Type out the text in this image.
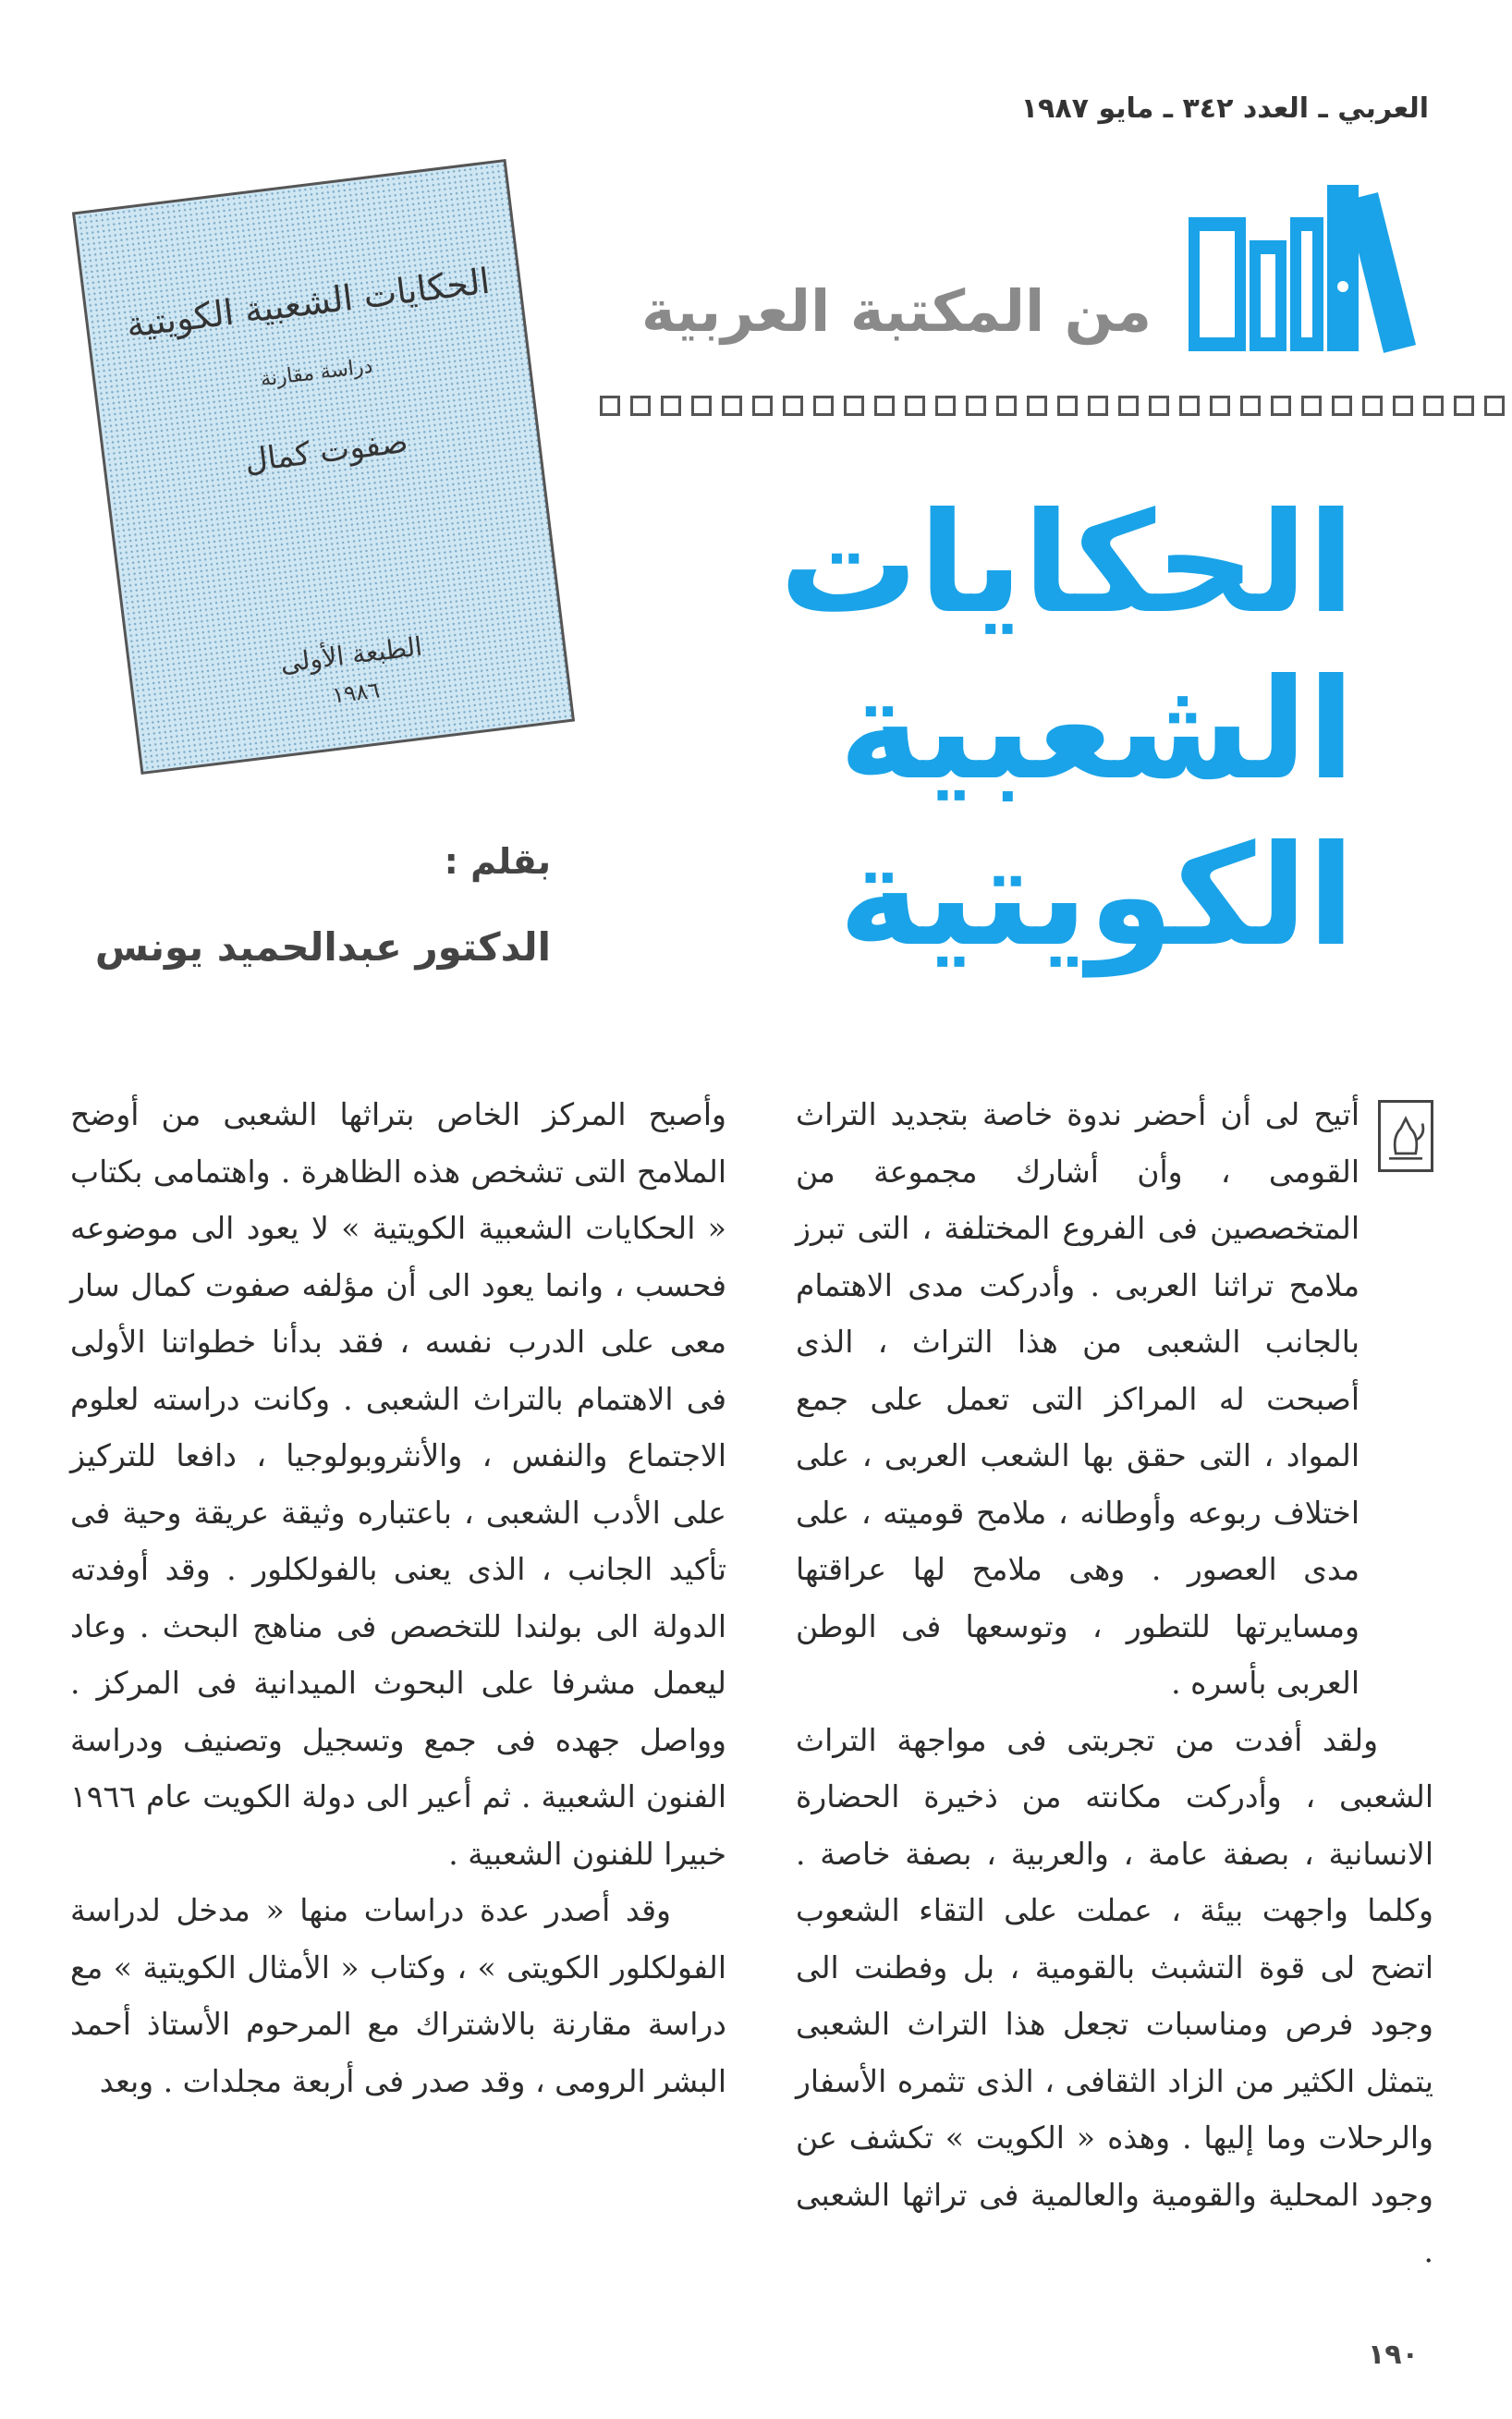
العربي ـ العدد ٣٤٢ ـ مايو ١٩٨٧
من المكتبة العربية
الحكايات
الشعبية
الكويتية
الحكايات الشعبية الكويتية
دراسة مقارنة
صفوت كمال
الطبعة الأولى
١٩٨٦
بقلم :
الدكتور عبدالحميد يونس

أتيح لى أن أحضر ندوة خاصة بتجديد التراث القومى ، وأن أشارك مجموعة من المتخصصين فى الفروع المختلفة ، التى تبرز ملامح تراثنا العربى . وأدركت مدى الاهتمام بالجانب الشعبى من هذا التراث ، الذى أصبحت له المراكز التى تعمل على جمع المواد ، التى حقق بها الشعب العربى ، على اختلاف ربوعه وأوطانه ، ملامح قوميته ، على مدى العصور . وهى ملامح لها عراقتها ومسايرتها للتطور ، وتوسعها فى الوطن العربى بأسره .

ولقد أفدت من تجربتى فى مواجهة التراث الشعبى ، وأدركت مكانته من ذخيرة الحضارة الانسانية ، بصفة عامة ، والعربية ، بصفة خاصة . وكلما واجهت بيئة ، عملت على التقاء الشعوب اتضح لى قوة التشبث بالقومية ، بل وفطنت الى وجود فرص ومناسبات تجعل هذا التراث الشعبى يتمثل الكثير من الزاد الثقافى ، الذى تثمره الأسفار والرحلات وما إليها . وهذه « الكويت » تكشف عن وجود المحلية والقومية والعالمية فى تراثها الشعبى .

وأصبح المركز الخاص بتراثها الشعبى من أوضح الملامح التى تشخص هذه الظاهرة . واهتمامى بكتاب « الحكايات الشعبية الكويتية » لا يعود الى موضوعه فحسب ، وانما يعود الى أن مؤلفه صفوت كمال سار معى على الدرب نفسه ، فقد بدأنا خطواتنا الأولى فى الاهتمام بالتراث الشعبى . وكانت دراسته لعلوم الاجتماع والنفس ، والأنثروبولوجيا ، دافعا للتركيز على الأدب الشعبى ، باعتباره وثيقة عريقة وحية فى تأكيد الجانب ، الذى يعنى بالفولكلور . وقد أوفدته الدولة الى بولندا للتخصص فى مناهج البحث . وعاد ليعمل مشرفا على البحوث الميدانية فى المركز . وواصل جهده فى جمع وتسجيل وتصنيف ودراسة الفنون الشعبية . ثم أعير الى دولة الكويت عام ١٩٦٦ خبيرا للفنون الشعبية .

وقد أصدر عدة دراسات منها « مدخل لدراسة الفولكلور الكويتى » ، وكتاب « الأمثال الكويتية » مع دراسة مقارنة بالاشتراك مع المرحوم الأستاذ أحمد البشر الرومى ، وقد صدر فى أربعة مجلدات . وبعد

١٩٠
